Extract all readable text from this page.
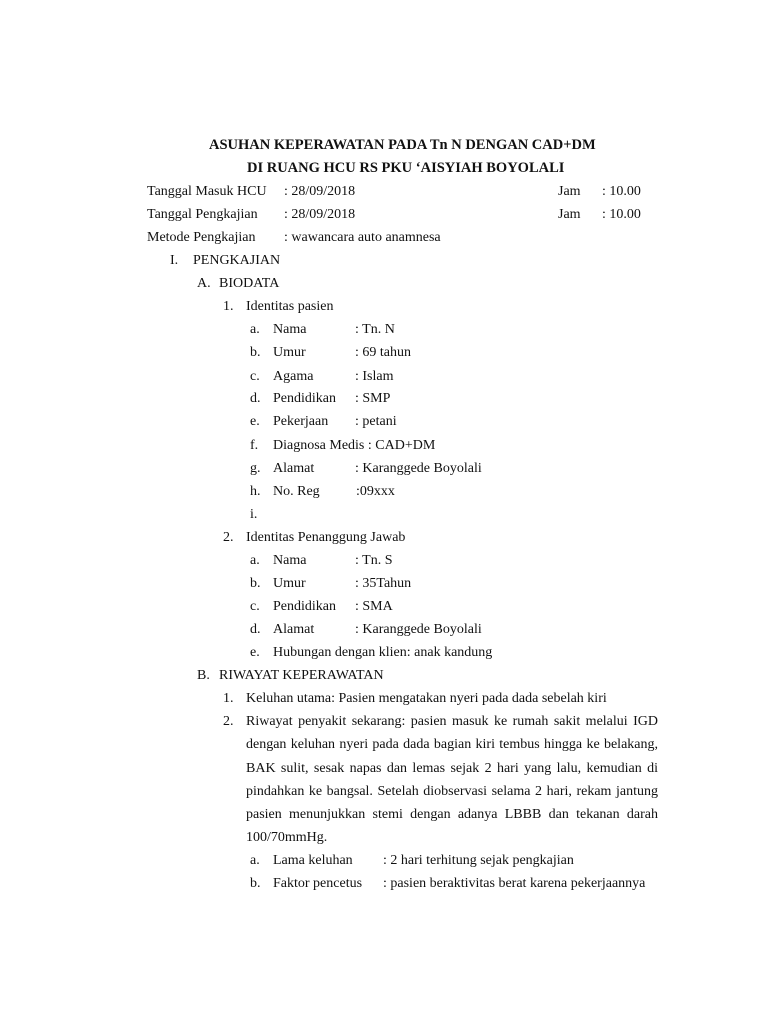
ASUHAN KEPERAWATAN PADA Tn N DENGAN CAD+DM
DI RUANG HCU RS PKU ‘AISYIAH BOYOLALI
Tanggal Masuk HCU : 28/09/2018	Jam : 10.00
Tanggal Pengkajian : 28/09/2018	Jam : 10.00
Metode Pengkajian : wawancara auto anamnesa
I. PENGKAJIAN
A. BIODATA
1. Identitas pasien
a. Nama	: Tn. N
b. Umur	: 69 tahun
c. Agama	: Islam
d. Pendidikan : SMP
e. Pekerjaan : petani
f. Diagnosa Medis : CAD+DM
g. Alamat	: Karanggede Boyolali
h. No. Reg	:09xxx
i.
2. Identitas Penanggung Jawab
a. Nama	: Tn. S
b. Umur	: 35Tahun
c. Pendidikan : SMA
d. Alamat	: Karanggede Boyolali
e. Hubungan dengan klien: anak kandung
B. RIWAYAT KEPERAWATAN
1. Keluhan utama: Pasien mengatakan nyeri pada dada sebelah kiri
2. Riwayat penyakit sekarang: pasien masuk ke rumah sakit melalui IGD
dengan keluhan nyeri pada dada bagian kiri tembus hingga ke belakang,
BAK sulit, sesak napas dan lemas sejak 2 hari yang lalu, kemudian di
pindahkan ke bangsal. Setelah diobservasi selama 2 hari, rekam jantung
pasien menunjukkan stemi dengan adanya LBBB dan tekanan darah
100/70mmHg.
a. Lama keluhan : 2 hari terhitung sejak pengkajian
b. Faktor pencetus : pasien beraktivitas berat karena pekerjaannya
